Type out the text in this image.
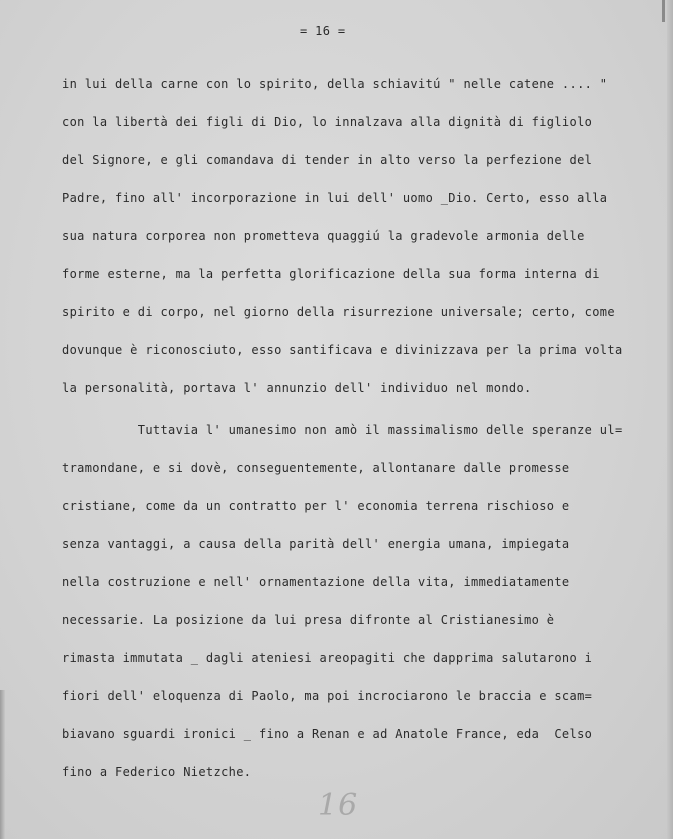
= 16 =
in lui della carne con lo spirito, della schiavitú " nelle catene .... "
con la libertà dei figli di Dio, lo innalzava alla dignità di figliolo
del Signore, e gli comandava di tender in alto verso la perfezione del
Padre, fino all' incorporazione in lui dell' uomo _Dio. Certo, esso alla
sua natura corporea non prometteva quaggiú la gradevole armonia delle
forme esterne, ma la perfetta glorificazione della sua forma interna di
spirito e di corpo, nel giorno della risurrezione universale; certo, come
dovunque è riconosciuto, esso santificava e divinizzava per la prima volta
la personalità, portava l' annunzio dell' individuo nel mondo.
Tuttavia l' umanesimo non amò il massimalismo delle speranze ul=
tramondane, e si dovè, conseguentemente, allontanare dalle promesse
cristiane, come da un contratto per l' economia terrena rischioso e
senza vantaggi, a causa della parità dell' energia umana, impiegata
nella costruzione e nell' ornamentazione della vita, immediatamente
necessarie. La posizione da lui presa difronte al Cristianesimo è
rimasta immutata _ dagli ateniesi areopagiti che dapprima salutarono i
fiori dell' eloquenza di Paolo, ma poi incrociarono le braccia e scam=
biavano sguardi ironici _ fino a Renan e ad Anatole France, eda  Celso
fino a Federico Nietzche.
16
